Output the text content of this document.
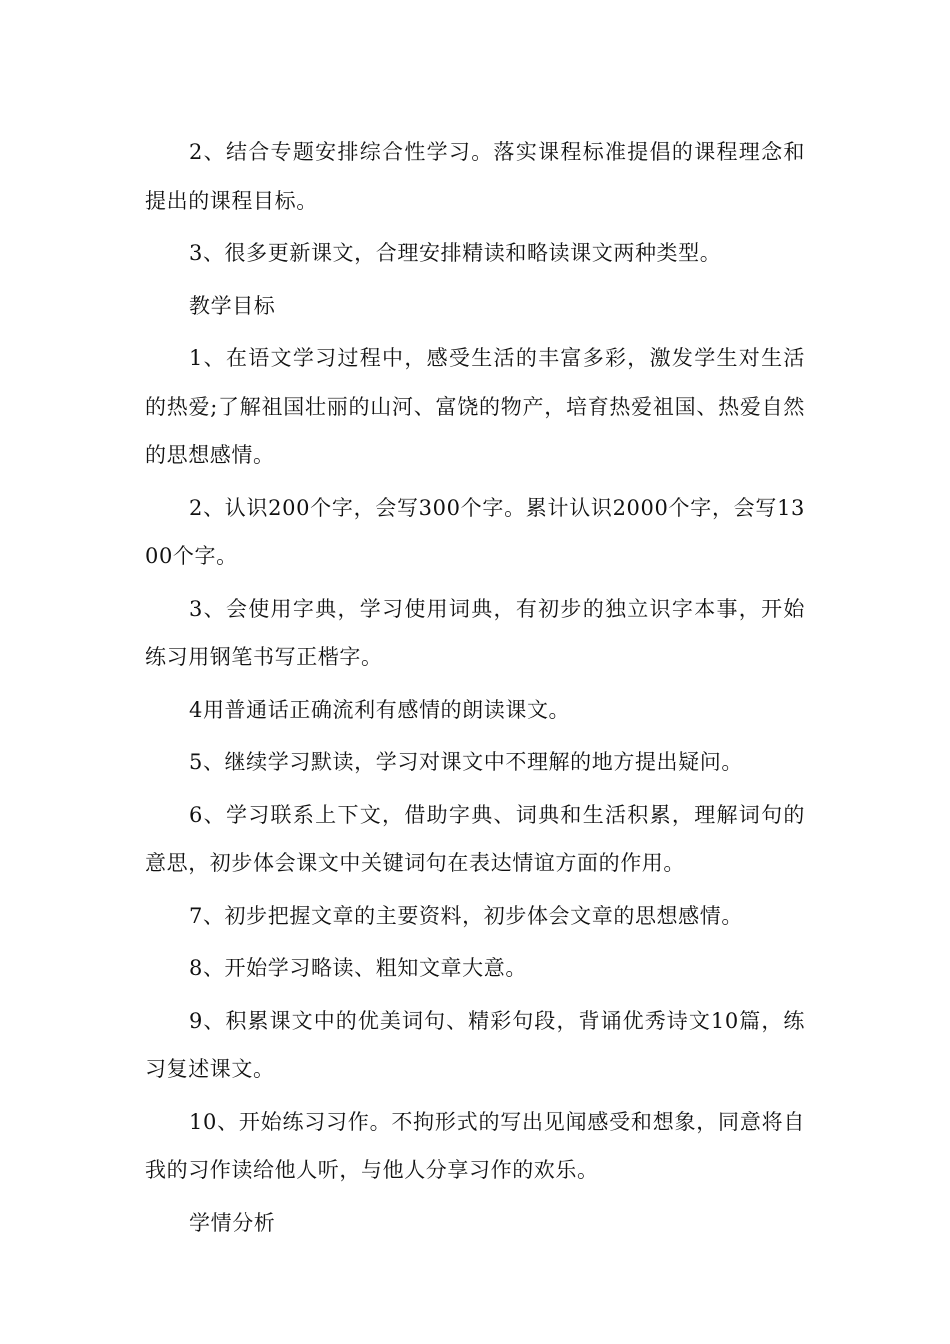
2、结合专题安排综合性学习。落实课程标准提倡的课程理念和提出的课程目标。

3、很多更新课文，合理安排精读和略读课文两种类型。

教学目标

1、在语文学习过程中，感受生活的丰富多彩，激发学生对生活的热爱;了解祖国壮丽的山河、富饶的物产，培育热爱祖国、热爱自然的思想感情。

2、认识200个字，会写300个字。累计认识2000个字，会写1300个字。

3、会使用字典，学习使用词典，有初步的独立识字本事，开始练习用钢笔书写正楷字。

4用普通话正确流利有感情的朗读课文。

5、继续学习默读，学习对课文中不理解的地方提出疑问。

6、学习联系上下文，借助字典、词典和生活积累，理解词句的意思，初步体会课文中关键词句在表达情谊方面的作用。

7、初步把握文章的主要资料，初步体会文章的思想感情。

8、开始学习略读、粗知文章大意。

9、积累课文中的优美词句、精彩句段，背诵优秀诗文10篇，练习复述课文。

10、开始练习习作。不拘形式的写出见闻感受和想象，同意将自我的习作读给他人听，与他人分享习作的欢乐。

学情分析
